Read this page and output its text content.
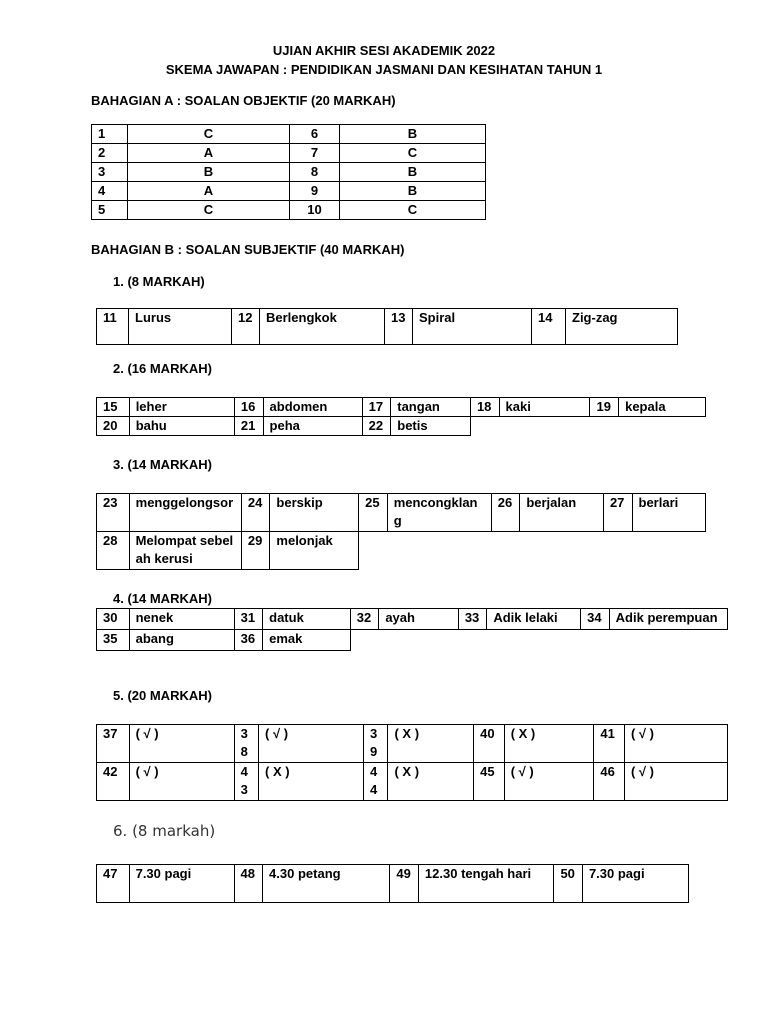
UJIAN AKHIR SESI AKADEMIK 2022
SKEMA JAWAPAN : PENDIDIKAN JASMANI DAN KESIHATAN TAHUN 1
BAHAGIAN A : SOALAN OBJEKTIF (20 MARKAH)
1	C	6	B
2	A	7	C
3	B	8	B
4	A	9	B
5	C	10	C
BAHAGIAN B : SOALAN SUBJEKTIF (40 MARKAH)
1. (8 MARKAH)
11	Lurus	12	Berlengkok	13	Spiral	14	Zig-zag
2. (16 MARKAH)
15	leher	16	abdomen	17	tangan	18	kaki	19	kepala
20	bahu	21	peha	22	betis				
3. (14 MARKAH)
23	menggelongsor	24	berskip	25	mencongklang	26	berjalan	27	berlari
28	Melompat sebelah kerusi	29	melonjak						
4. (14 MARKAH)
30	nenek	31	datuk	32	ayah	33	Adik lelaki	34	Adik perempuan
35	abang	36	emak						
5. (20 MARKAH)
37	( √ )	38	( √ )	39	( X )	40	( X )	41	( √ )
42	( √ )	43	( X )	44	( X )	45	( √ )	46	( √ )
6. (8 markah)
47	7.30 pagi	48	4.30 petang	49	12.30 tengah hari	50	7.30 pagi
